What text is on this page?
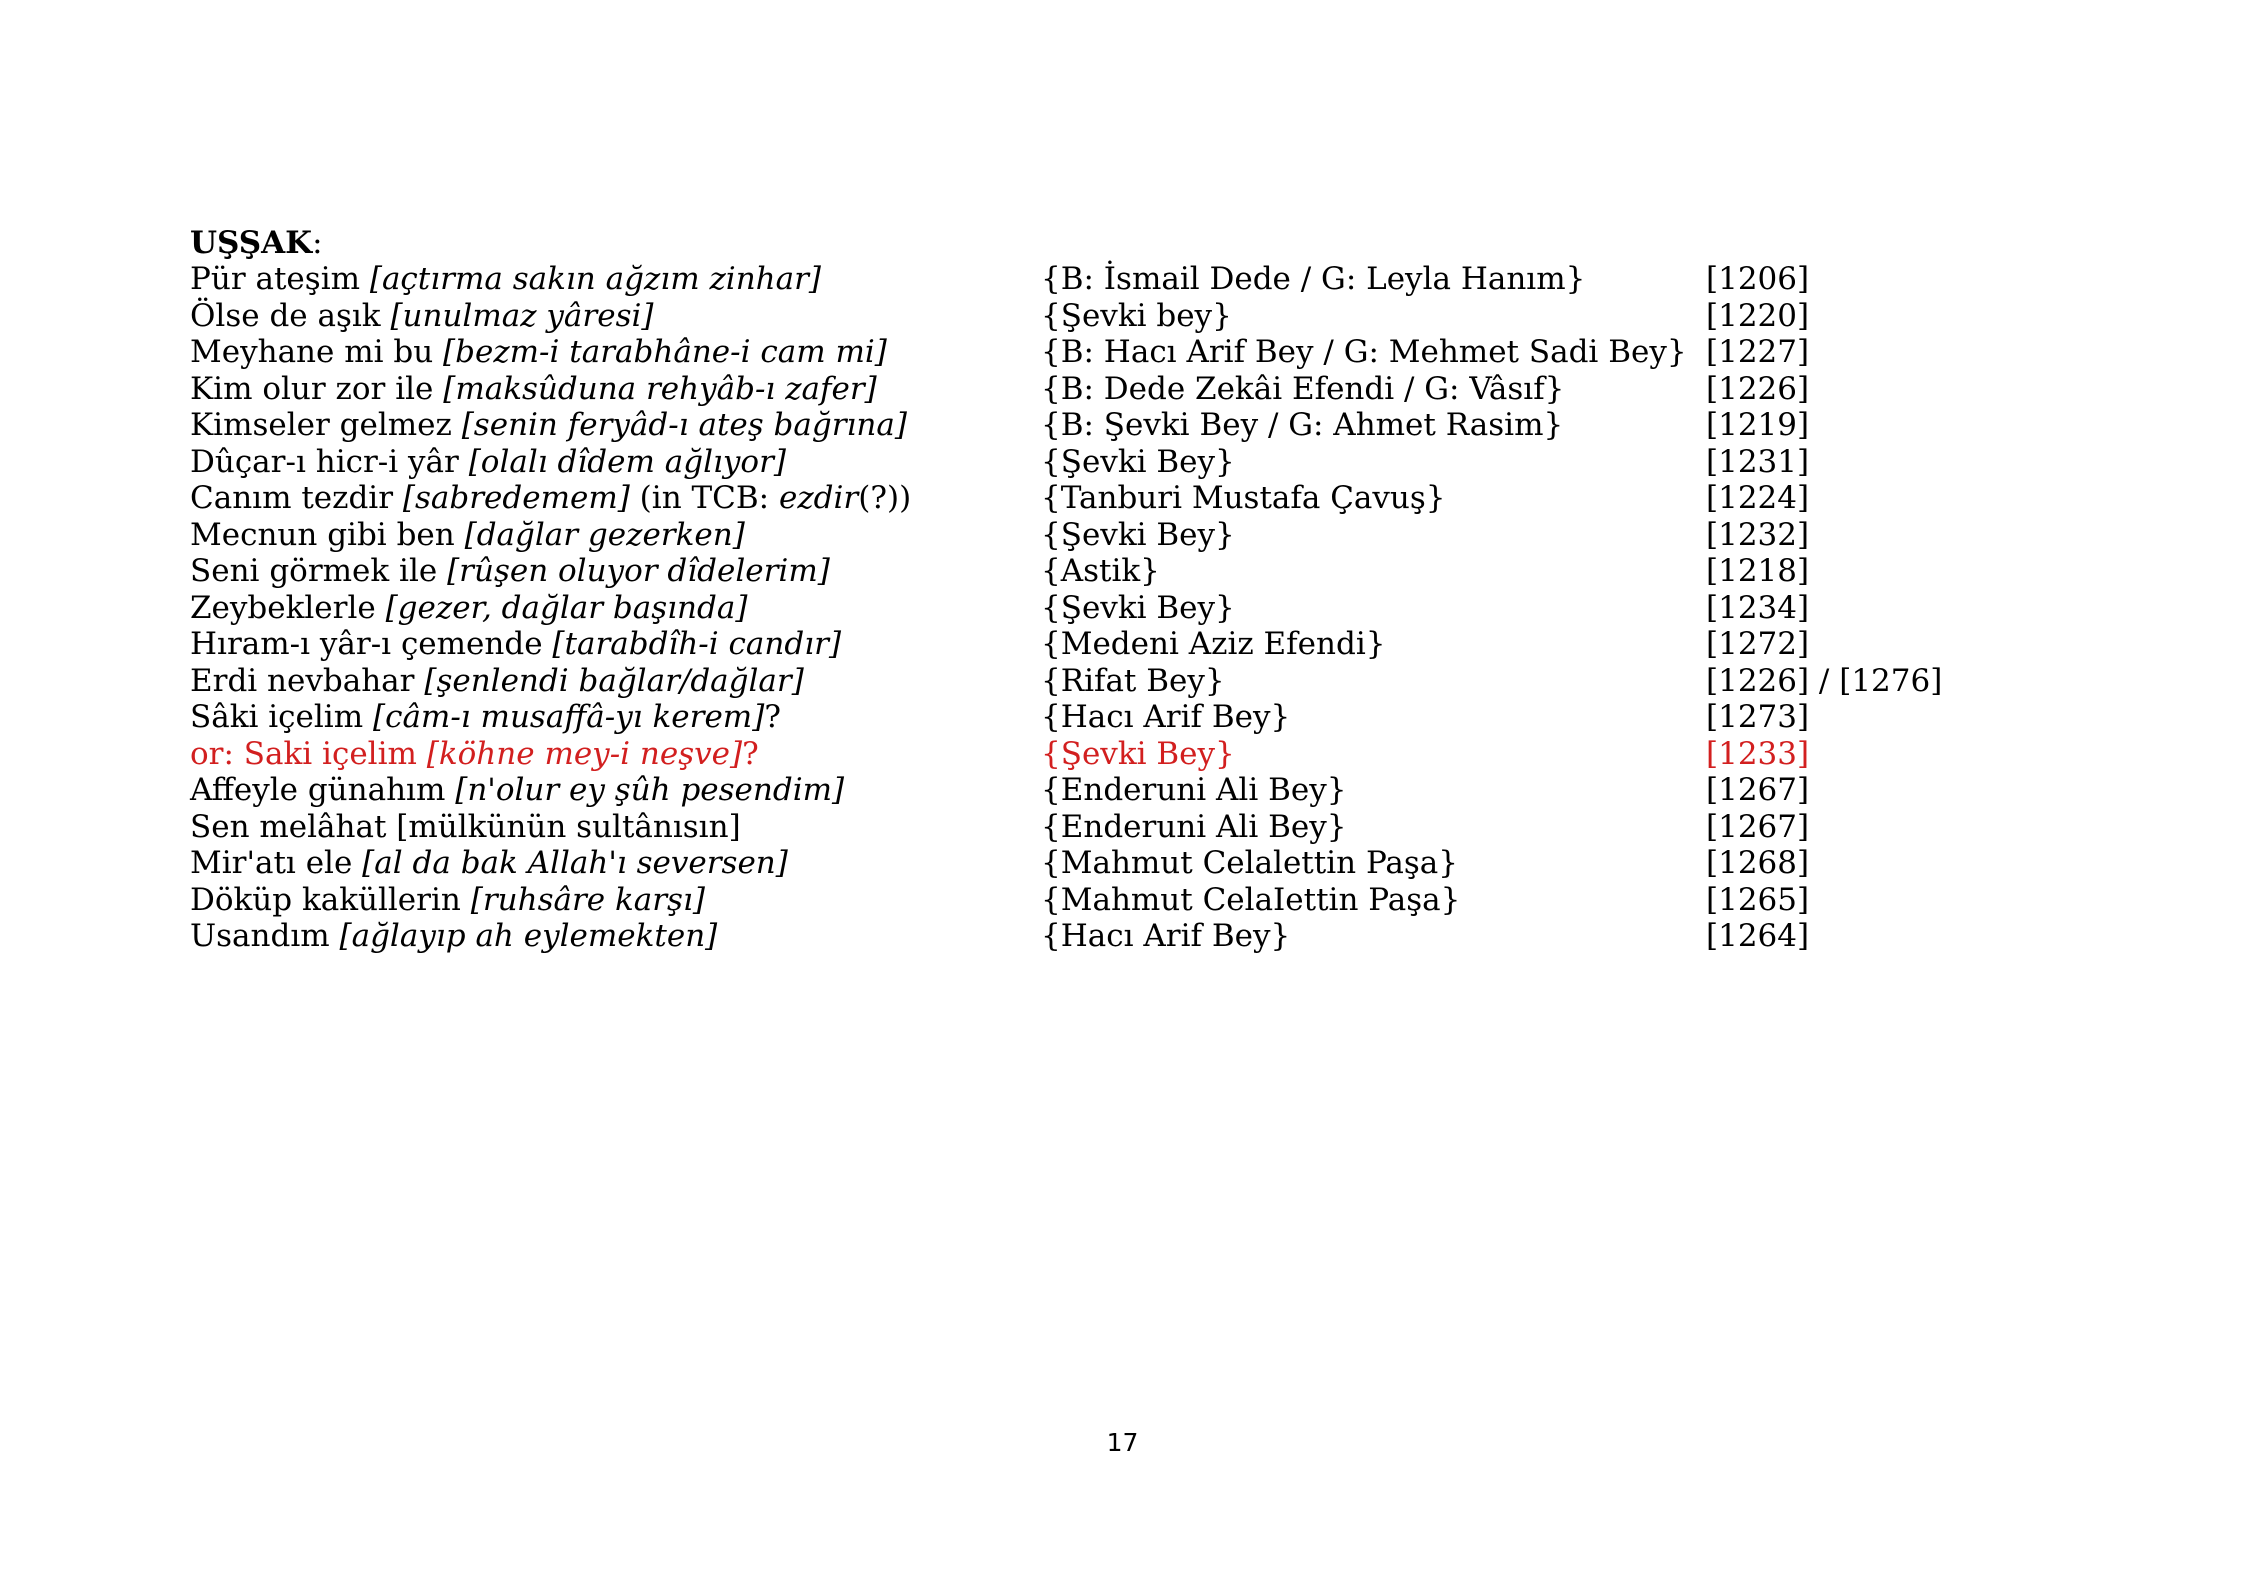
UŞŞAK:
Pür ateşim [açtırma sakın ağzım zinhar]	{B: İsmail Dede / G: Leyla Hanım}	[1206]
Ölse de aşık [unulmaz yâresi]	{Şevki bey}	[1220]
Meyhane mi bu [bezm-i tarabhâne-i cam mi]	{B: Hacı Arif Bey / G: Mehmet Sadi Bey} [1227]
Kim olur zor ile [maksûduna rehyâb-ı zafer]	{B: Dede Zekâi Efendi / G: Vâsıf}	[1226]
Kimseler gelmez [senin feryâd-ı ateş bağrına]	{B: Şevki Bey / G: Ahmet Rasim}	[1219]
Dûçar-ı hicr-i yâr [olalı dîdem ağlıyor]	{Şevki Bey}	[1231]
Canım tezdir [sabredemem] (in TCB: ezdir(?))	{Tanburi Mustafa Çavuş}	[1224]
Mecnun gibi ben [dağlar gezerken]	{Şevki Bey}	[1232]
Seni görmek ile [rûşen oluyor dîdelerim]	{Astik}	[1218]
Zeybeklerle [gezer, dağlar başında]	{Şevki Bey}	[1234]
Hıram-ı yâr-ı çemende [tarabdîh-i candır]	{Medeni Aziz Efendi}	[1272]
Erdi nevbahar [şenlendi bağlar/dağlar]	{Rifat Bey}	[1226] / [1276]
Sâki içelim [câm-ı musaffâ-yı kerem]?	{Hacı Arif Bey}	[1273]
or: Saki içelim [köhne mey-i neşve]?	{Şevki Bey}	[1233]
Affeyle günahım [n'olur ey şûh pesendim]	{Enderuni Ali Bey}	[1267]
Sen melâhat [mülkünün sultânısın]	{Enderuni Ali Bey}	[1267]
Mir'atı ele [al da bak Allah'ı seversen]	{Mahmut Celalettin Paşa}	[1268]
Döküp kaküllerin [ruhsâre karşı]	{Mahmut CelaIettin Paşa}	[1265]
Usandım [ağlayıp ah eylemekten]	{Hacı Arif Bey}	[1264]
17
